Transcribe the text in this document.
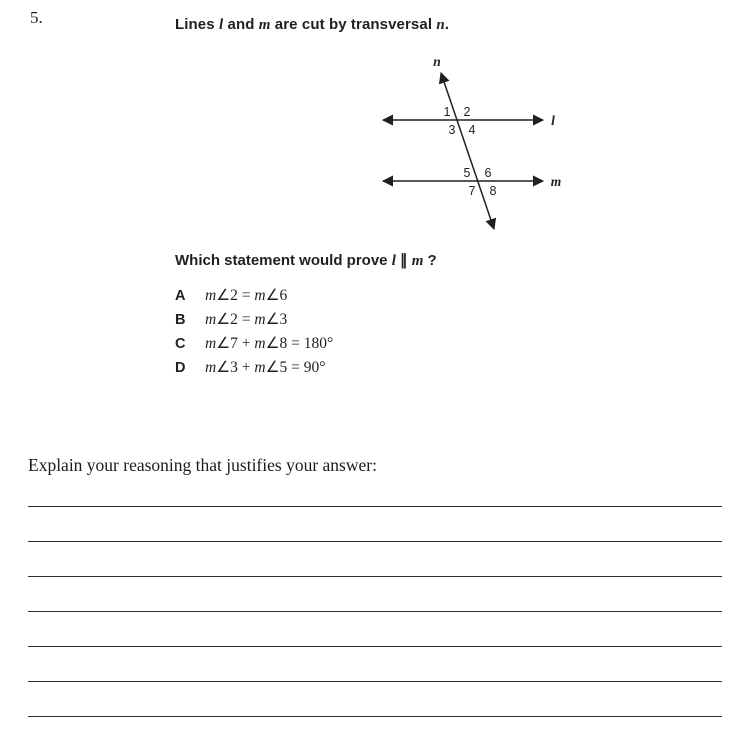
5.	Lines l and m are cut by transversal n.
n
l
m
1 2
3 4
5 6
7 8
Which statement would prove l ∥ m ?
A	m∠2 = m∠6
B	m∠2 = m∠3
C	m∠7 + m∠8 = 180°
D	m∠3 + m∠5 = 90°
Explain your reasoning that justifies your answer:
